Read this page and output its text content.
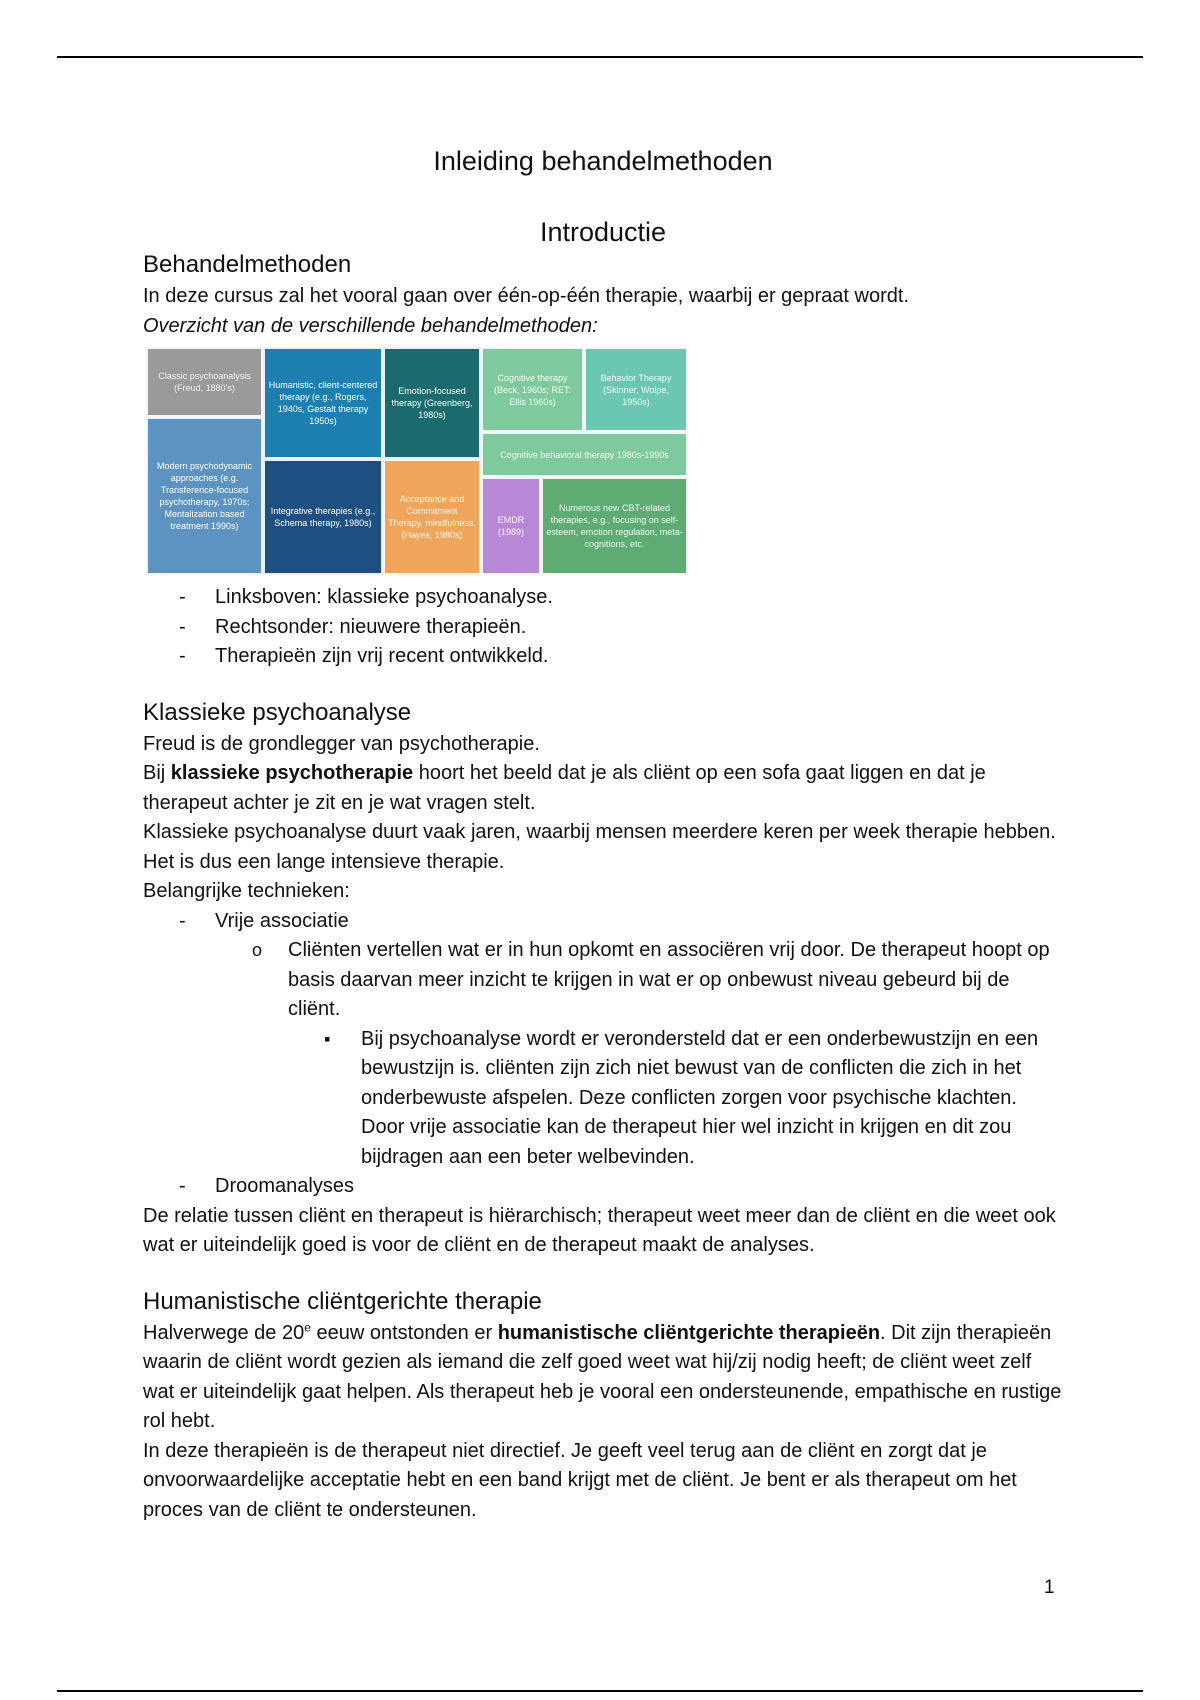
Inleiding behandelmethoden
Introductie
Behandelmethoden

In deze cursus zal het vooral gaan over één-op-één therapie, waarbij er gepraat wordt.

Overzicht van de verschillende behandelmethoden:

Classic psychoanalysis (Freud, 1880's)	Humanistic, client-centered therapy (e.g., Rogers, 1940s, Gestalt therapy 1950s)
Emotion-focused therapy (Greenberg, 1980s)
Cognitive therapy (Beck, 1960s; RET: Ellis 1960s)
Behavior Therapy (Skinner, Wolpe, 1950s)
Modern psychodynamic approaches (e.g. Transference-focused psychotherapy, 1970s; Mentalization based treatment 1990s)
Integrative therapies (e.g., Schema therapy, 1980s)
Cognitive behavioral therapy 1980s-1990s
Acceptance and Commitment Therapy, mindfulness, (Hayes, 1980s)
EMDR (1989)
Numerous new CBT-related therapies, e.g., focusing on self-esteem, emotion regulation, meta-cognitions, etc.
- Linksboven: klassieke psychoanalyse.
- Rechtsonder: nieuwere therapieën.
- Therapieën zijn vrij recent ontwikkeld.
Klassieke psychoanalyse

Freud is de grondlegger van psychotherapie.

Bij klassieke psychotherapie hoort het beeld dat je als cliënt op een sofa gaat liggen en dat je therapeut achter je zit en je wat vragen stelt.

Klassieke psychoanalyse duurt vaak jaren, waarbij mensen meerdere keren per week therapie hebben. Het is dus een lange intensieve therapie.

Belangrijke technieken:

- Vrije associatie
o Cliënten vertellen wat er in hun opkomt en associëren vrij door. De therapeut hoopt op basis daarvan meer inzicht te krijgen in wat er op onbewust niveau gebeurd bij de cliënt.
▪ Bij psychoanalyse wordt er verondersteld dat er een onderbewustzijn en een bewustzijn is. cliënten zijn zich niet bewust van de conflicten die zich in het onderbewuste afspelen. Deze conflicten zorgen voor psychische klachten. Door vrije associatie kan de therapeut hier wel inzicht in krijgen en dit zou bijdragen aan een beter welbevinden.
- Droomanalyses

De relatie tussen cliënt en therapeut is hiërarchisch; therapeut weet meer dan de cliënt en die weet ook wat er uiteindelijk goed is voor de cliënt en de therapeut maakt de analyses.

Humanistische cliëntgerichte therapie

Halverwege de 20e eeuw ontstonden er humanistische cliëntgerichte therapieën. Dit zijn therapieën waarin de cliënt wordt gezien als iemand die zelf goed weet wat hij/zij nodig heeft; de cliënt weet zelf wat er uiteindelijk gaat helpen. Als therapeut heb je vooral een ondersteunende, empathische en rustige rol hebt.

In deze therapieën is de therapeut niet directief. Je geeft veel terug aan de cliënt en zorgt dat je onvoorwaardelijke acceptatie hebt en een band krijgt met de cliënt. Je bent er als therapeut om het proces van de cliënt te ondersteunen.

1
